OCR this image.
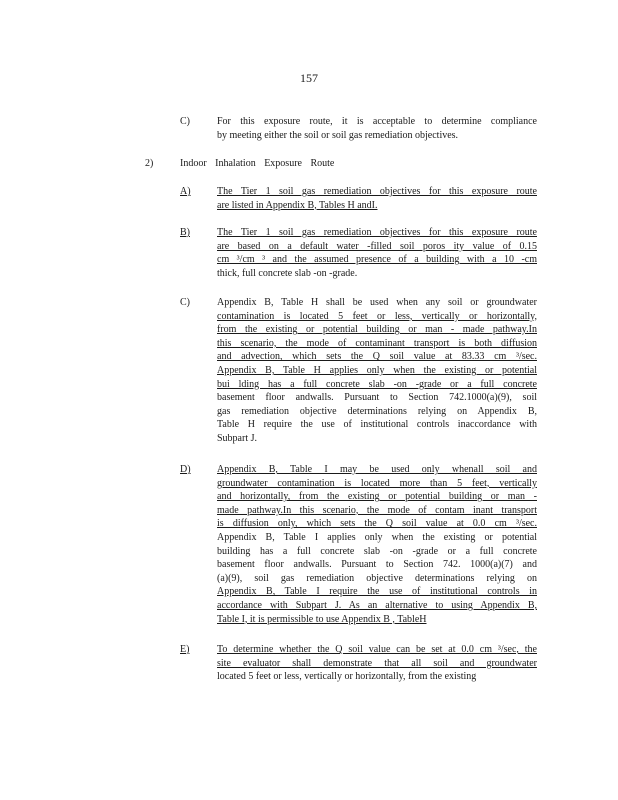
157
C)	For this exposure route, it is acceptable to determine compliance
by meeting either the soil or soil gas remediation objectives.
2)	Indoor Inhalation Exposure Route
A)	The Tier 1 soil gas remediation objectives for this exposure route
are listed in Appendix B, Tables H andI.
B)	The Tier 1 soil gas remediation objectives for this exposure route
are based on a default water -filled soil poros ity value of 0.15
cm ³/cm ³ and the assumed presence of a building with a 10 -cm
thick, full concrete slab -on -grade.
C)	Appendix B, Table H shall be used when any soil or groundwater
contamination is located 5 feet or less, vertically or horizontally,
from the existing or potential building or man - made pathway.In
this scenario, the mode of contaminant transport is both diffusion
and advection, which sets the Q soil value at 83.33 cm ³/sec.
Appendix B, Table H applies only when the existing or potential
bui lding has a full concrete slab -on -grade or a full concrete
basement floor andwalls. Pursuant to Section 742.1000(a)(9), soil
gas remediation objective determinations relying on Appendix B,
Table H require the use of institutional controls inaccordance with
Subpart J.
D)	Appendix B, Table I may be used only whenall soil and
groundwater contamination is located more than 5 feet, vertically
and horizontally, from the existing or potential building or man -
made pathway.In this scenario, the mode of contam inant transport
is diffusion only, which sets the Q soil value at 0.0 cm ³/sec.
Appendix B, Table I applies only when the existing or potential
building has a full concrete slab -on -grade or a full concrete
basement floor andwalls. Pursuant to Section 742. 1000(a)(7) and
(a)(9), soil gas remediation objective determinations relying on
Appendix B, Table I require the use of institutional controls in
accordance with Subpart J. As an alternative to using Appendix B,
Table I, it is permissible to use Appendix B , TableH
E)	To determine whether the Q soil value can be set at 0.0 cm ³/sec, the
site evaluator shall demonstrate that all soil and groundwater
located 5 feet or less, vertically or horizontally, from the existing
